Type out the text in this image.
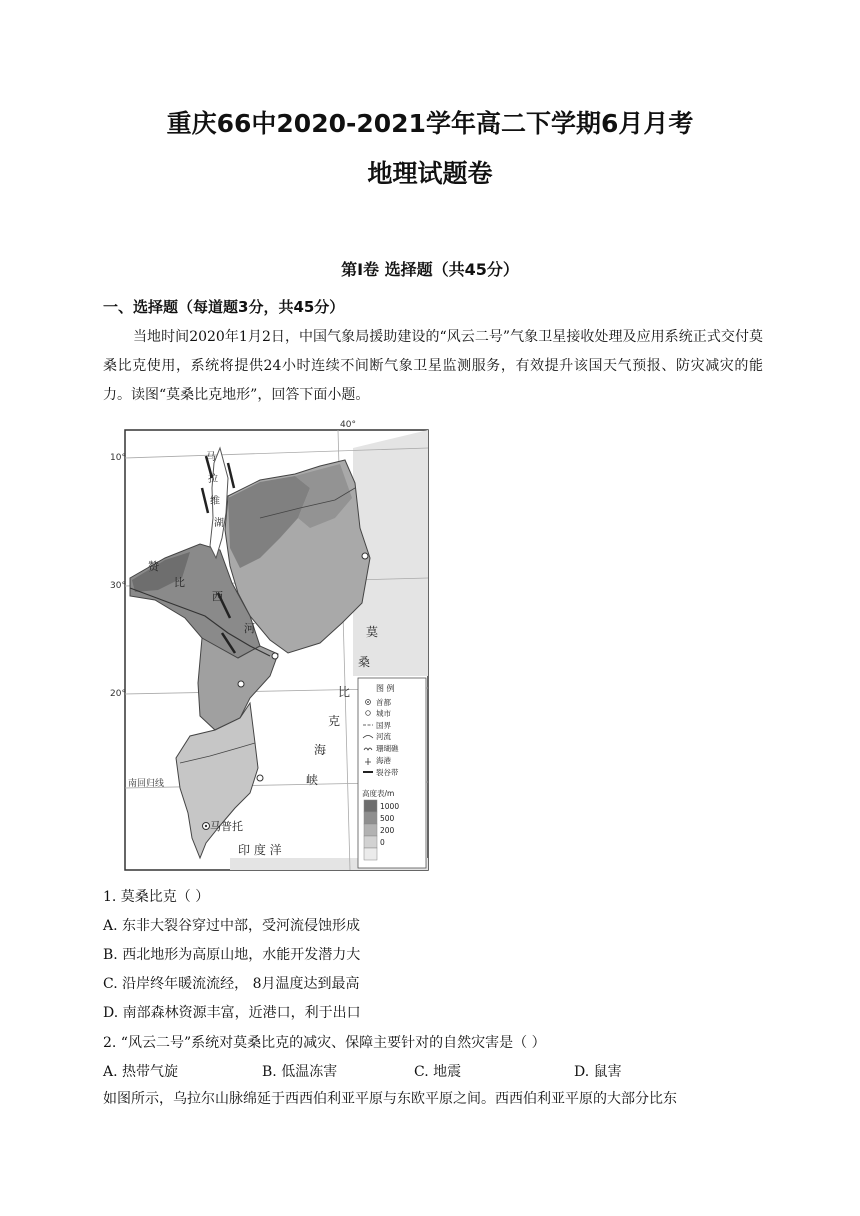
重庆66中2020-2021学年高二下学期6月月考
地理试题卷
第Ⅰ卷 选择题（共45分）
一、选择题（每道题3分，共45分）
当地时间2020年1月2日，中国气象局援助建设的“风云二号”气象卫星接收处理及应用系统正式交付莫桑比克使用，系统将提供24小时连续不间断气象卫星监测服务，有效提升该国天气预报、防灾减灾的能力。读图“莫桑比克地形”，回答下面小题。
40°
10°
30°
20°
南回归线
马
拉
维
湖
赞
比
西
河	莫
桑
比
克
海
峡
马普托
印 度 洋
图 例
首都
城市
国界
河流
珊瑚礁
海港
裂谷带
高度表/m
1000
500
200
0
1. 莫桑比克（ ）
A. 东非大裂谷穿过中部，受河流侵蚀形成
B. 西北地形为高原山地，水能开发潜力大
C. 沿岸终年暖流流经， 8月温度达到最高
D. 南部森林资源丰富，近港口，利于出口
2. “风云二号”系统对莫桑比克的减灾、保障主要针对的自然灾害是（ ）
A. 热带气旋	B. 低温冻害	C. 地震	D. 鼠害
如图所示，乌拉尔山脉绵延于西西伯利亚平原与东欧平原之间。西西伯利亚平原的大部分比东
